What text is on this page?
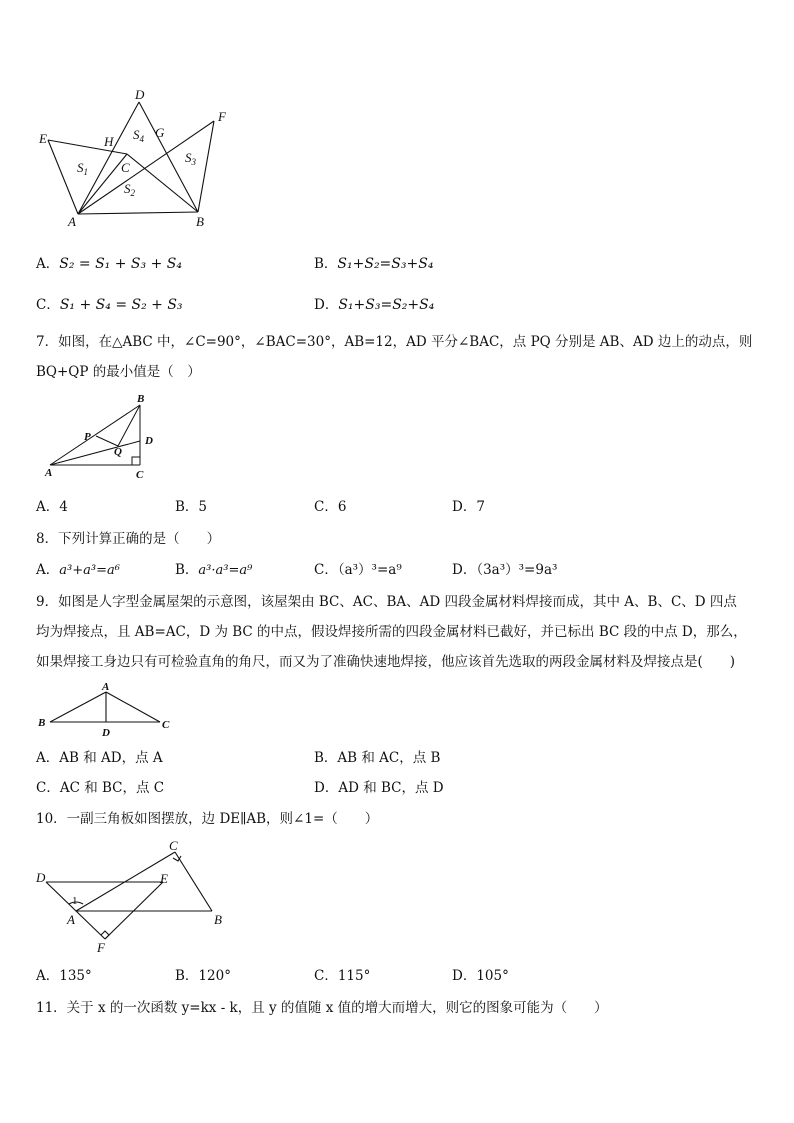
D
F
E	G
H
C
A	B
$S_4$
$S_1$
$S_3$
$S_2$
A．S₂ = S₁ + S₃ + S₄	B．S₁+S₂=S₃+S₄
C．S₁ + S₄ = S₂ + S₃	D．S₁+S₃=S₂+S₄
7．如图，在△ABC 中，∠C=90°，∠BAC=30°，AB=12，AD 平分∠BAC，点 PQ 分别是 AB、AD 边上的动点，则
BQ+QP 的最小值是（　）
B
P	D
Q
A	C
A．4	B．5	C．6	D．7
8．下列计算正确的是（　　）
A．a³+a³=a⁶	B．a³·a³=a⁹	C．（a³）³=a⁹	D．（3a³）³=9a³
9．如图是人字型金属屋架的示意图，该屋架由 BC、AC、BA、AD 四段金属材料焊接而成，其中 A、B、C、D 四点
均为焊接点，且 AB=AC，D 为 BC 的中点，假设焊接所需的四段金属材料已截好，并已标出 BC 段的中点 D，那么，
如果焊接工身边只有可检验直角的角尺，而又为了准确快速地焊接，他应该首先选取的两段金属材料及焊接点是(　　)
A
B	C
D
A．AB 和 AD，点 A	B．AB 和 AC，点 B
C．AC 和 BC，点 C	D．AD 和 BC，点 D
10．一副三角板如图摆放，边 DE∥AB，则∠1=（　　）
C
D	E
1
A	B
F
A．135°	B．120°	C．115°	D．105°
11．关于 x 的一次函数 y=kx - k，且 y 的值随 x 值的增大而增大，则它的图象可能为（　　）
